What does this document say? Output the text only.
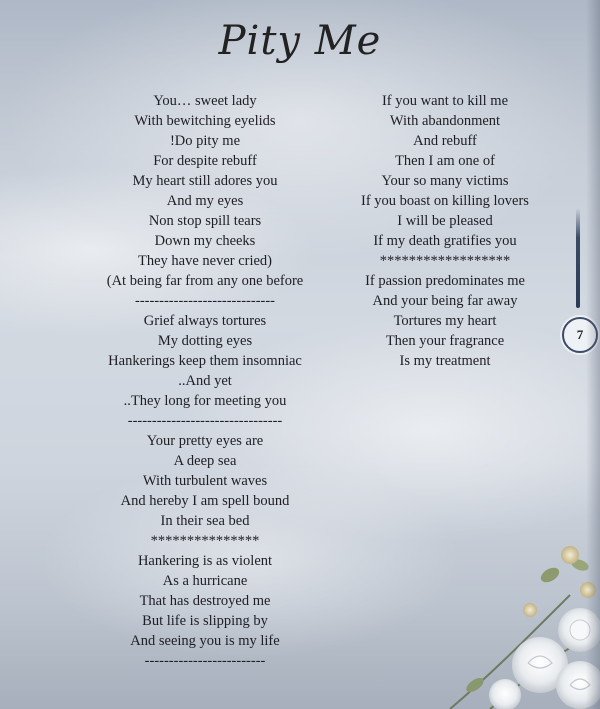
Pity Me
You… sweet lady
With bewitching eyelids
!Do pity me
For despite rebuff
My heart still adores you
And my eyes
Non stop spill tears
Down my cheeks
They have never cried)
(At being far from any one before
-----------------------------
Grief always tortures
My dotting eyes
Hankerings keep them insomniac
..And yet
..They long for meeting you
--------------------------------
Your pretty eyes are
A deep sea
With turbulent waves
And hereby I am spell bound
In their sea bed
***************
Hankering is as violent
As a hurricane
That has destroyed me
But life is slipping by
And seeing you is my life
-------------------------
If you want to kill me
With abandonment
And rebuff
Then I am one of
Your so many victims
If you boast on killing lovers
I will be pleased
If my death gratifies you
******************
If passion predominates me
And your being far away
Tortures my heart
Then your fragrance
Is my treatment
7
